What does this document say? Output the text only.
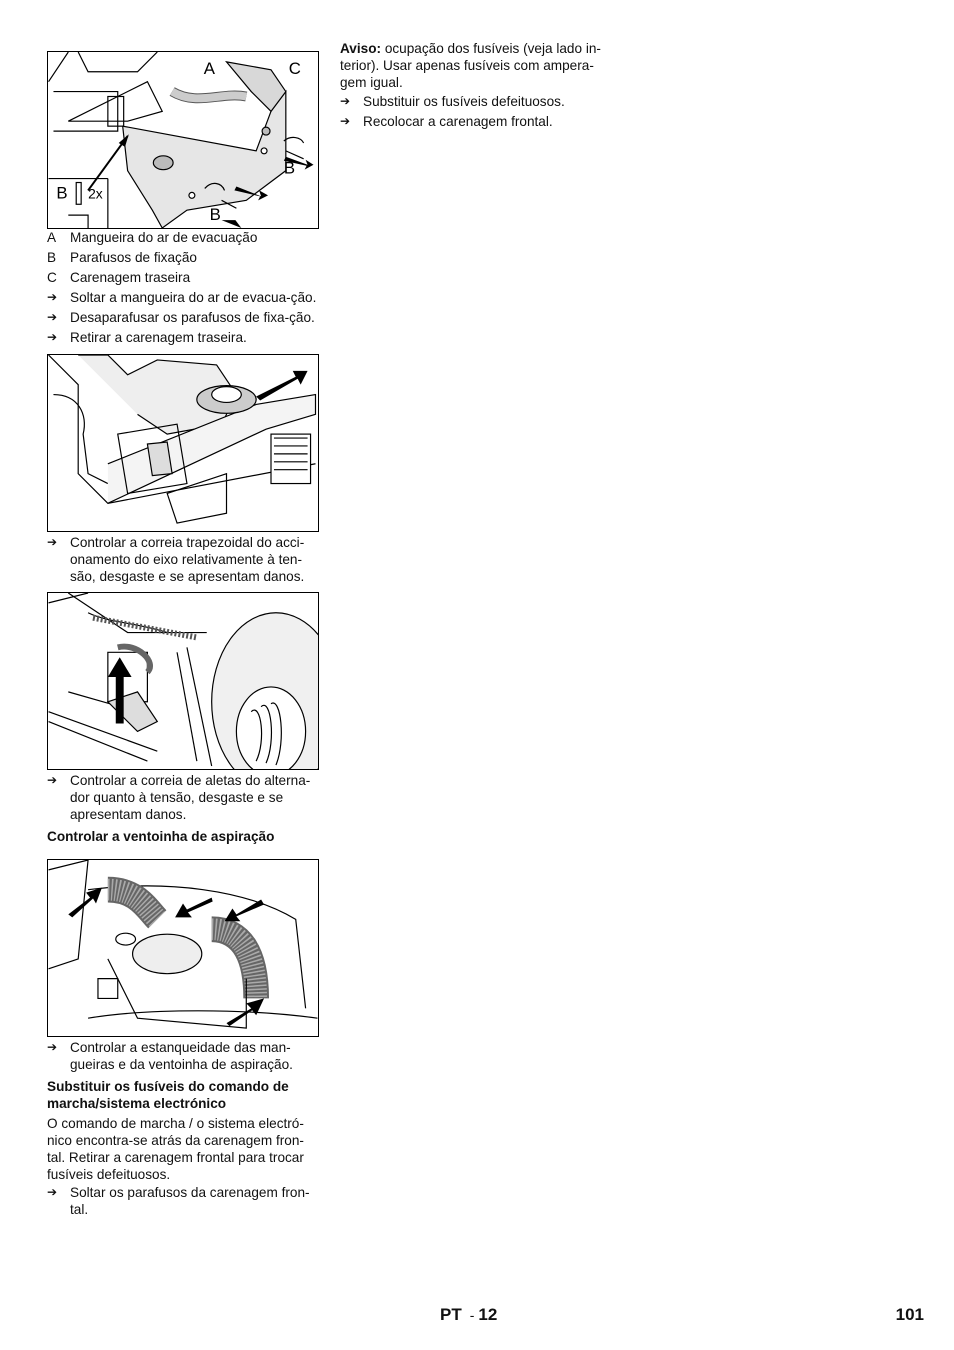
A	C
B
B
B 2x
A	Mangueira do ar de evacuação
B	Parafusos de fixação
C Carenagem traseira
➔ Soltar a mangueira do ar de evacua-ção.
➔ Desaparafusar os parafusos de fixa-ção.
➔ Retirar a carenagem traseira.
➔ Controlar a correia trapezoidal do acci-onamento do eixo relativamente à ten-são, desgaste e se apresentam danos.
➔ Controlar a correia de aletas do alterna-dor quanto à tensão, desgaste e se apresentam danos.
Controlar a ventoinha de aspiração
➔ Controlar a estanqueidade das man-gueiras e da ventoinha de aspiração.
Substituir os fusíveis do comando de marcha/sistema electrónico

O comando de marcha / o sistema electró-nico encontra-se atrás da carenagem fron-tal. Retirar a carenagem frontal para trocar fusíveis defeituosos.

➔ Soltar os parafusos da carenagem fron-tal.

Aviso: ocupação dos fusíveis (veja lado in-terior). Usar apenas fusíveis com ampera-gem igual.

➔ Substituir os fusíveis defeituosos.
➔ Recolocar a carenagem frontal.
PT - 12	101
